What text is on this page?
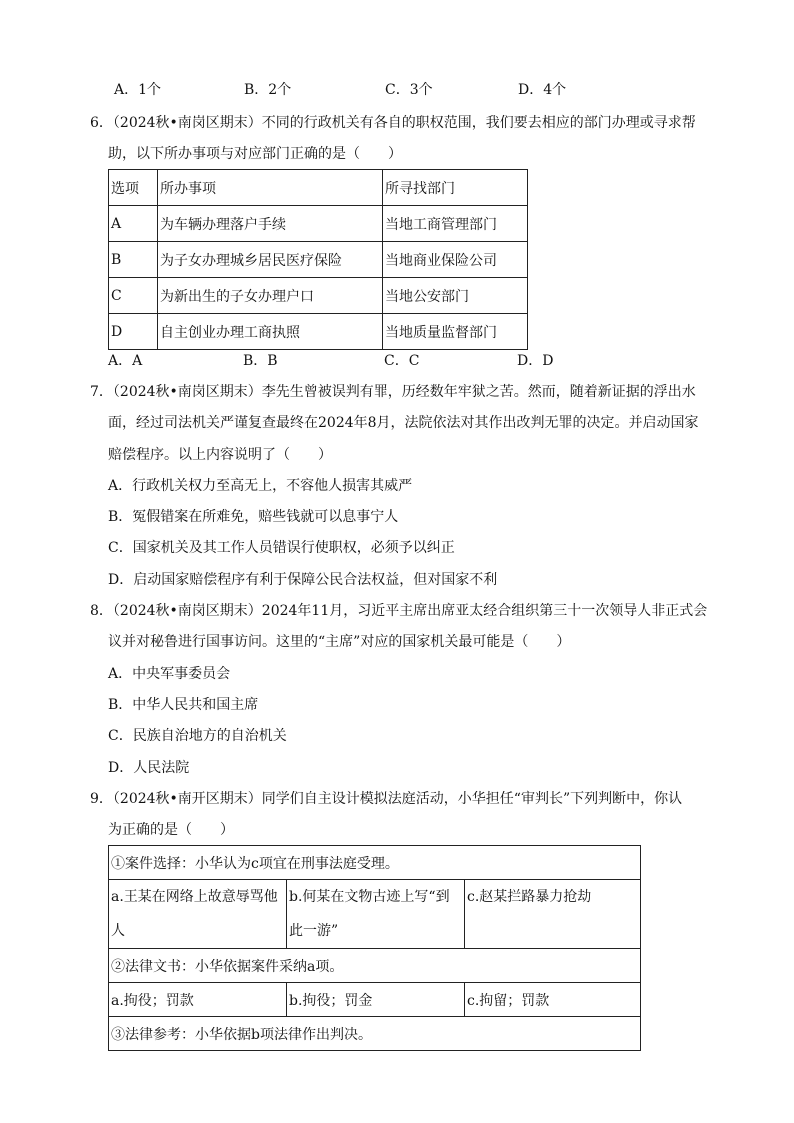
A．1个	B．2个	C．3个	D．4个
6．（2024秋•南岗区期末）不同的行政机关有各自的职权范围，我们要去相应的部门办理或寻求帮
助，以下所办事项与对应部门正确的是（　　）
选项	所办事项	所寻找部门
A	为车辆办理落户手续	当地工商管理部门
B	为子女办理城乡居民医疗保险	当地商业保险公司
C	为新出生的子女办理户口	当地公安部门
D	自主创业办理工商执照	当地质量监督部门
A．A	B．B	C．C	D．D
7．（2024秋•南岗区期末）李先生曾被误判有罪，历经数年牢狱之苦。然而，随着新证据的浮出水
面，经过司法机关严谨复查最终在2024年8月，法院依法对其作出改判无罪的决定。并启动国家
赔偿程序。以上内容说明了（　　）
A．行政机关权力至高无上，不容他人损害其威严
B．冤假错案在所难免，赔些钱就可以息事宁人
C．国家机关及其工作人员错误行使职权，必须予以纠正
D．启动国家赔偿程序有利于保障公民合法权益，但对国家不利
8．（2024秋•南岗区期末）2024年11月，习近平主席出席亚太经合组织第三十一次领导人非正式会
议并对秘鲁进行国事访问。这里的“主席”对应的国家机关最可能是（　　）
A．中央军事委员会
B．中华人民共和国主席
C．民族自治地方的自治机关
D．人民法院
9．（2024秋•南开区期末）同学们自主设计模拟法庭活动，小华担任“审判长”下列判断中，你认
为正确的是（　　）
①案件选择：小华认为c项宜在刑事法庭受理。		
a.王某在网络上故意辱骂他人	b.何某在文物古迹上写“到此一游”	c.赵某拦路暴力抢劫
②法律文书：小华依据案件采纳a项。		
a.拘役；罚款	b.拘役；罚金	c.拘留；罚款
③法律参考：小华依据b项法律作出判决。		
